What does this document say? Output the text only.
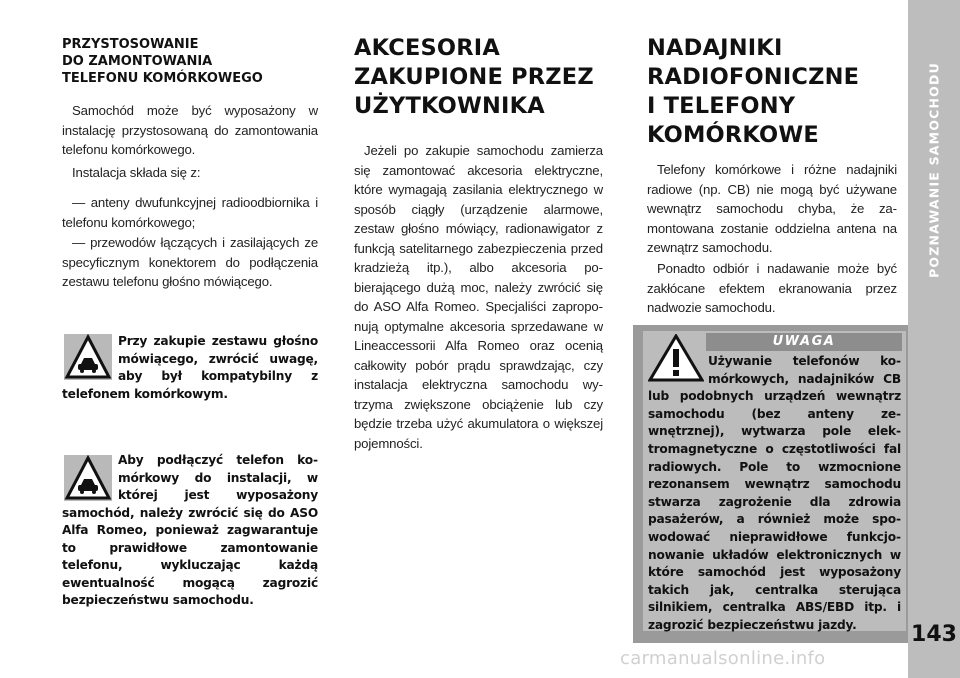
PRZYSTOSOWANIE
DO ZAMONTOWANIA
TELEFONU KOMÓRKOWEGO

Samochód może być wyposażony w instalację przystosowaną do zamontowania telefonu komórkowego.

Instalacja składa się z:

— anteny dwufunkcyjnej radioodbiornika i telefonu komórkowego;

— przewodów łączących i zasilających ze specyficznym konektorem do podłączenia zestawu telefonu głośno mówiącego.

Przy zakupie zestawu głośno mówiącego, zwrócić uwagę, aby był kompatybilny z telefonem komórkowym.

Aby podłączyć telefon komórkowy do instalacji, w której jest wyposażony samochód, należy zwrócić się do ASO Alfa Romeo, ponieważ zagwarantuje to prawidłowe zamontowanie telefonu, wykluczając każdą ewentualność mogącą zagrozić bezpieczeństwu samochodu.

AKCESORIA
ZAKUPIONE PRZEZ
UŻYTKOWNIKA

Jeżeli po zakupie samochodu zamierza się zamontować akcesoria elektryczne, które wymagają zasilania elektrycznego w sposób ciągły (urządzenie alarmowe, zestaw głośno mówiący, radionawigator z funkcją satelitarnego zabezpieczenia przed kradzieżą itp.), albo akcesoria pobierającego dużą moc, należy zwrócić się do ASO Alfa Romeo. Specjaliści zaproponują optymalne akcesoria sprzedawane w Lineaccessorii Alfa Romeo oraz ocenią całkowity pobór prądu sprawdzając, czy instalacja elektryczna samochodu wytrzyma zwiększone obciążenie lub czy będzie trzeba użyć akumulatora o większej pojemności.

NADAJNIKI
RADIOFONICZNE
I TELEFONY
KOMÓRKOWE

Telefony komórkowe i różne nadajniki radiowe (np. CB) nie mogą być używane wewnątrz samochodu chyba, że zamontowana zostanie oddzielna antena na zewnątrz samochodu.

Ponadto odbiór i nadawanie może być zakłócane efektem ekranowania przez nadwozie samochodu.

UWAGA

Używanie telefonów komórkowych, nadajników CB lub podobnych urządzeń wewnątrz samochodu (bez anteny zewnętrznej), wytwarza pole elektromagnetyczne o częstotliwości fal radiowych. Pole to wzmocnione rezonansem wewnątrz samochodu stwarza zagrożenie dla zdrowia pasażerów, a również może spowodować nieprawidłowe funkcjonowanie układów elektronicznych w które samochód jest wyposażony takich jak, centralka sterująca silnikiem, centralka ABS/EBD itp. i zagrozić bezpieczeństwu jazdy.

POZNAWANIE SAMOCHODU
143
carmanualsonline.info
